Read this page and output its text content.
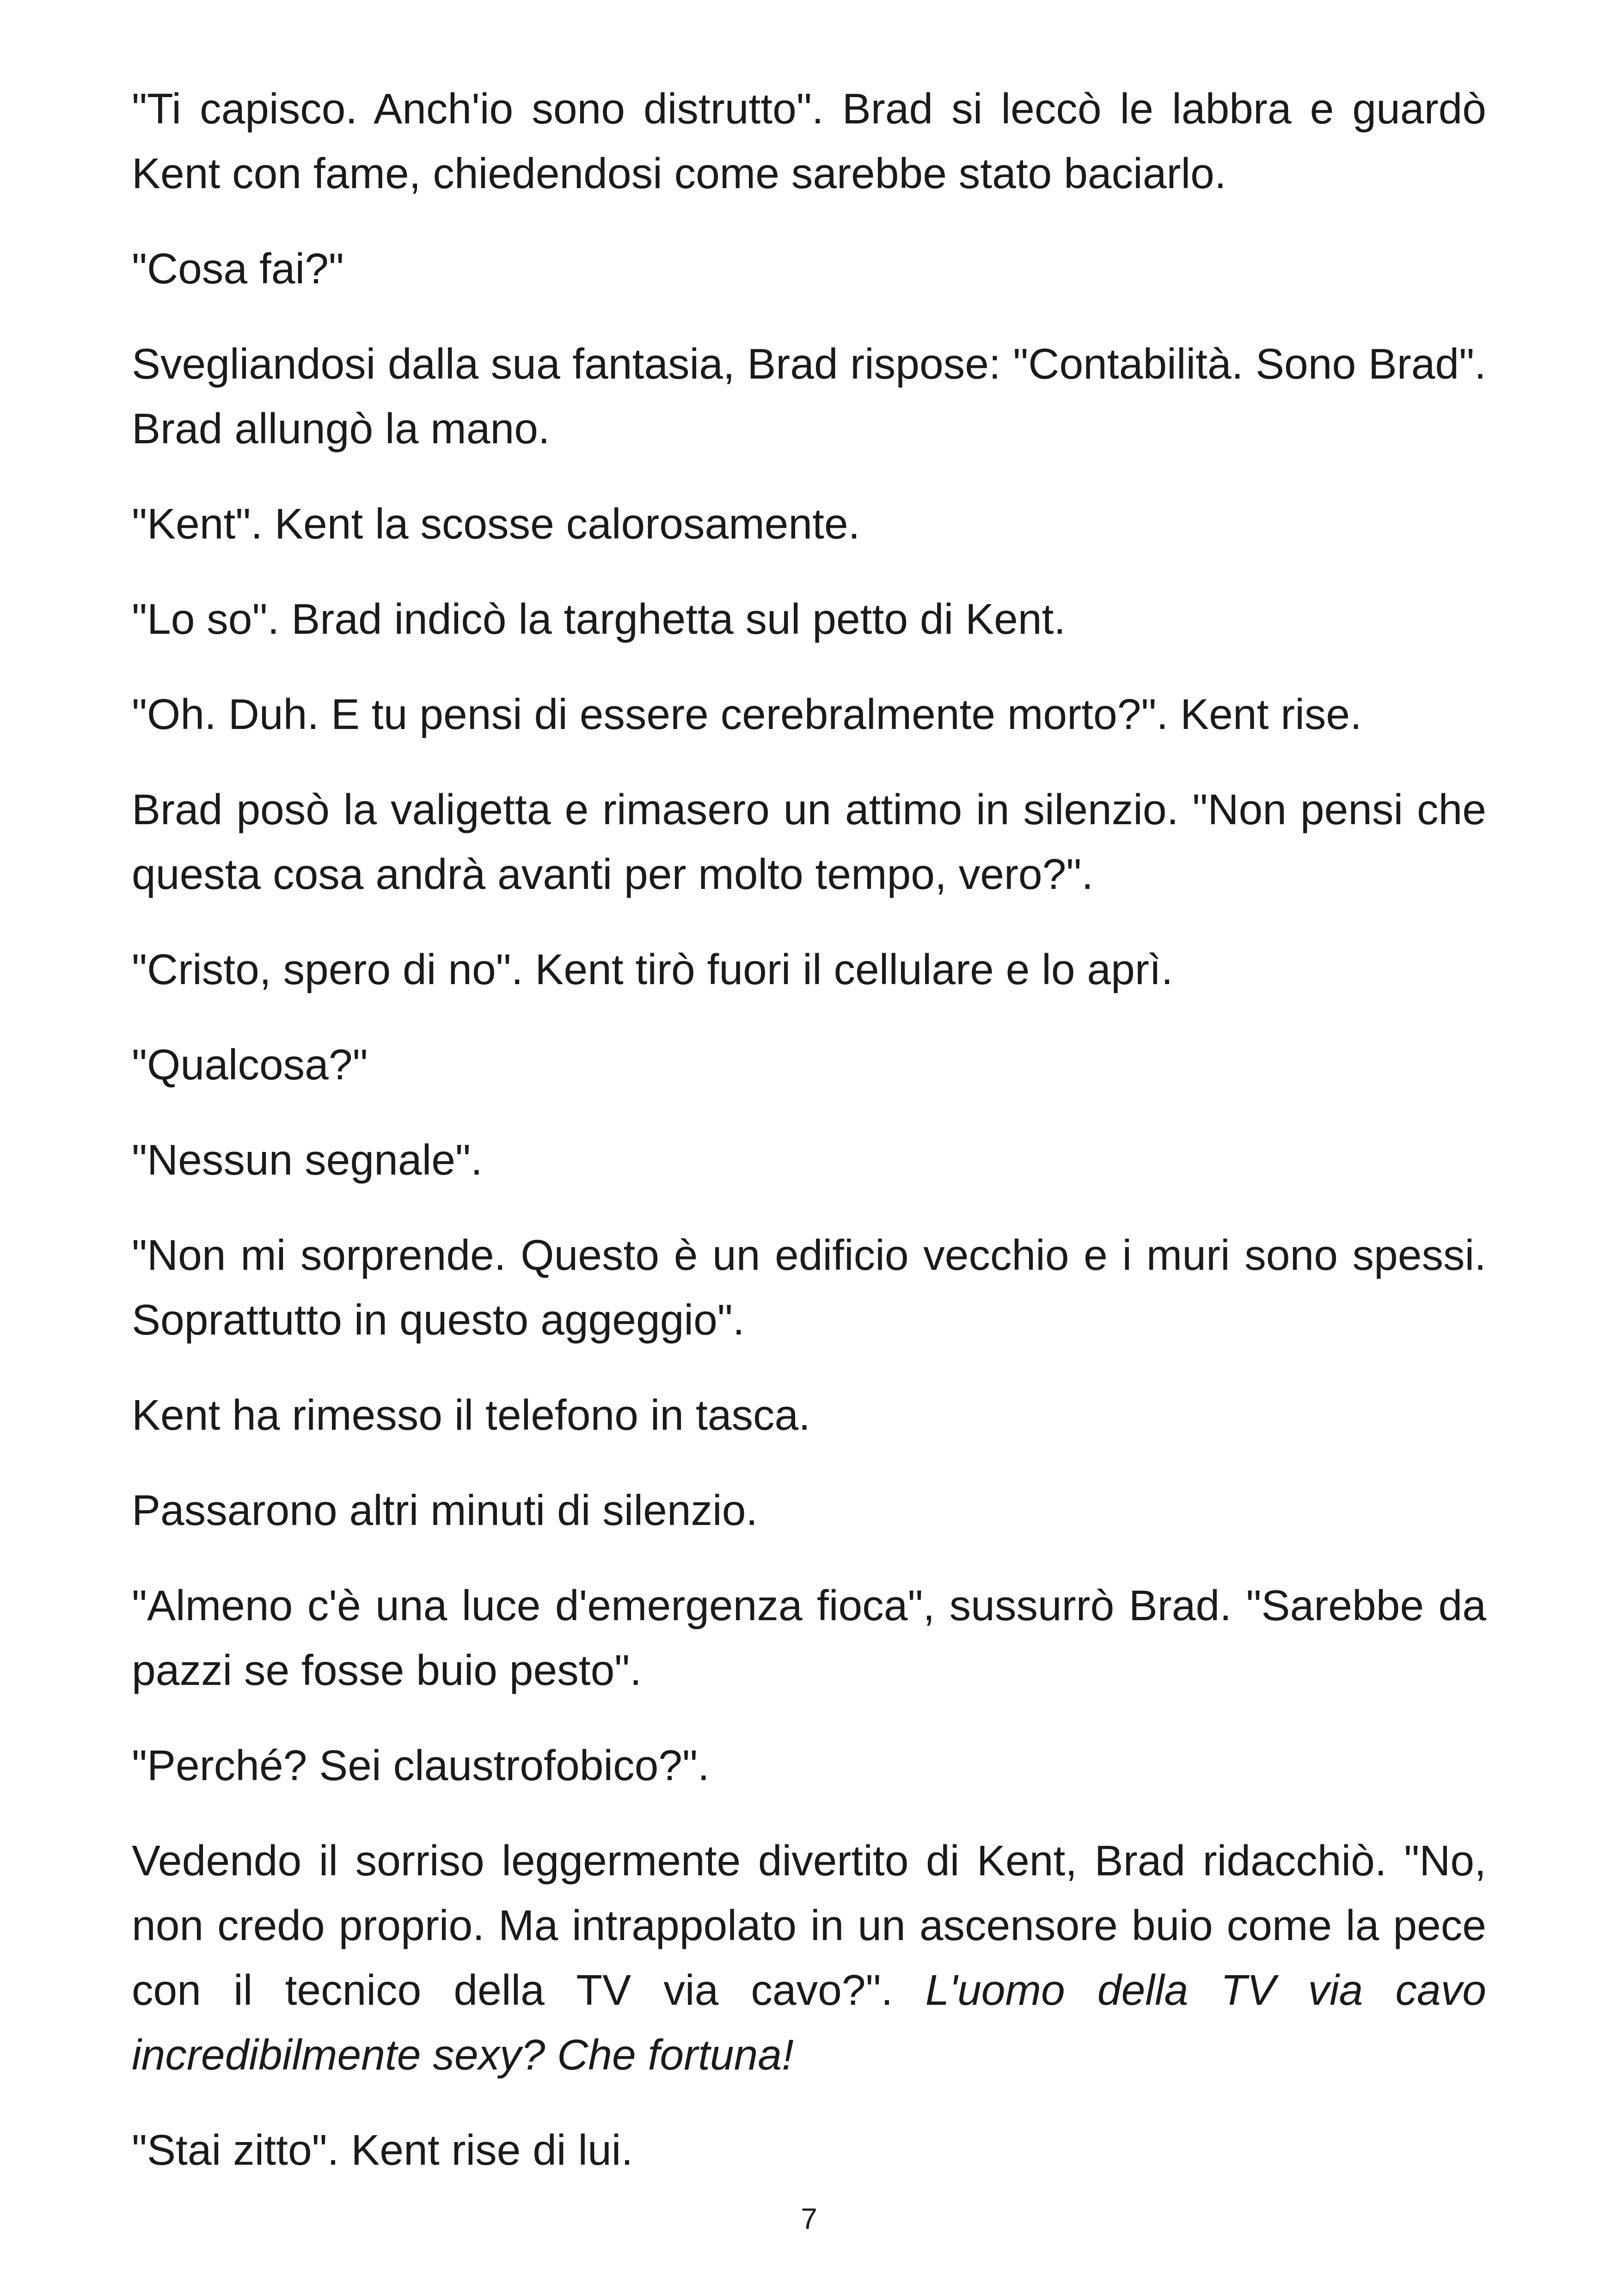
"Ti capisco. Anch'io sono distrutto". Brad si leccò le labbra e guardò Kent con fame, chiedendosi come sarebbe stato baciarlo.

"Cosa fai?"

Svegliandosi dalla sua fantasia, Brad rispose: "Contabilità. Sono Brad". Brad allungò la mano.

"Kent". Kent la scosse calorosamente.

"Lo so". Brad indicò la targhetta sul petto di Kent.

"Oh. Duh. E tu pensi di essere cerebralmente morto?". Kent rise.

Brad posò la valigetta e rimasero un attimo in silenzio. "Non pensi che questa cosa andrà avanti per molto tempo, vero?".

"Cristo, spero di no". Kent tirò fuori il cellulare e lo aprì.

"Qualcosa?"

"Nessun segnale".

"Non mi sorprende. Questo è un edificio vecchio e i muri sono spessi. Soprattutto in questo aggeggio".

Kent ha rimesso il telefono in tasca.

Passarono altri minuti di silenzio.

"Almeno c'è una luce d'emergenza fioca", sussurrò Brad. "Sarebbe da pazzi se fosse buio pesto".

"Perché? Sei claustrofobico?".

Vedendo il sorriso leggermente divertito di Kent, Brad ridacchiò. "No, non credo proprio. Ma intrappolato in un ascensore buio come la pece con il tecnico della TV via cavo?". L'uomo della TV via cavo incredibilmente sexy? Che fortuna!

"Stai zitto". Kent rise di lui.

7
